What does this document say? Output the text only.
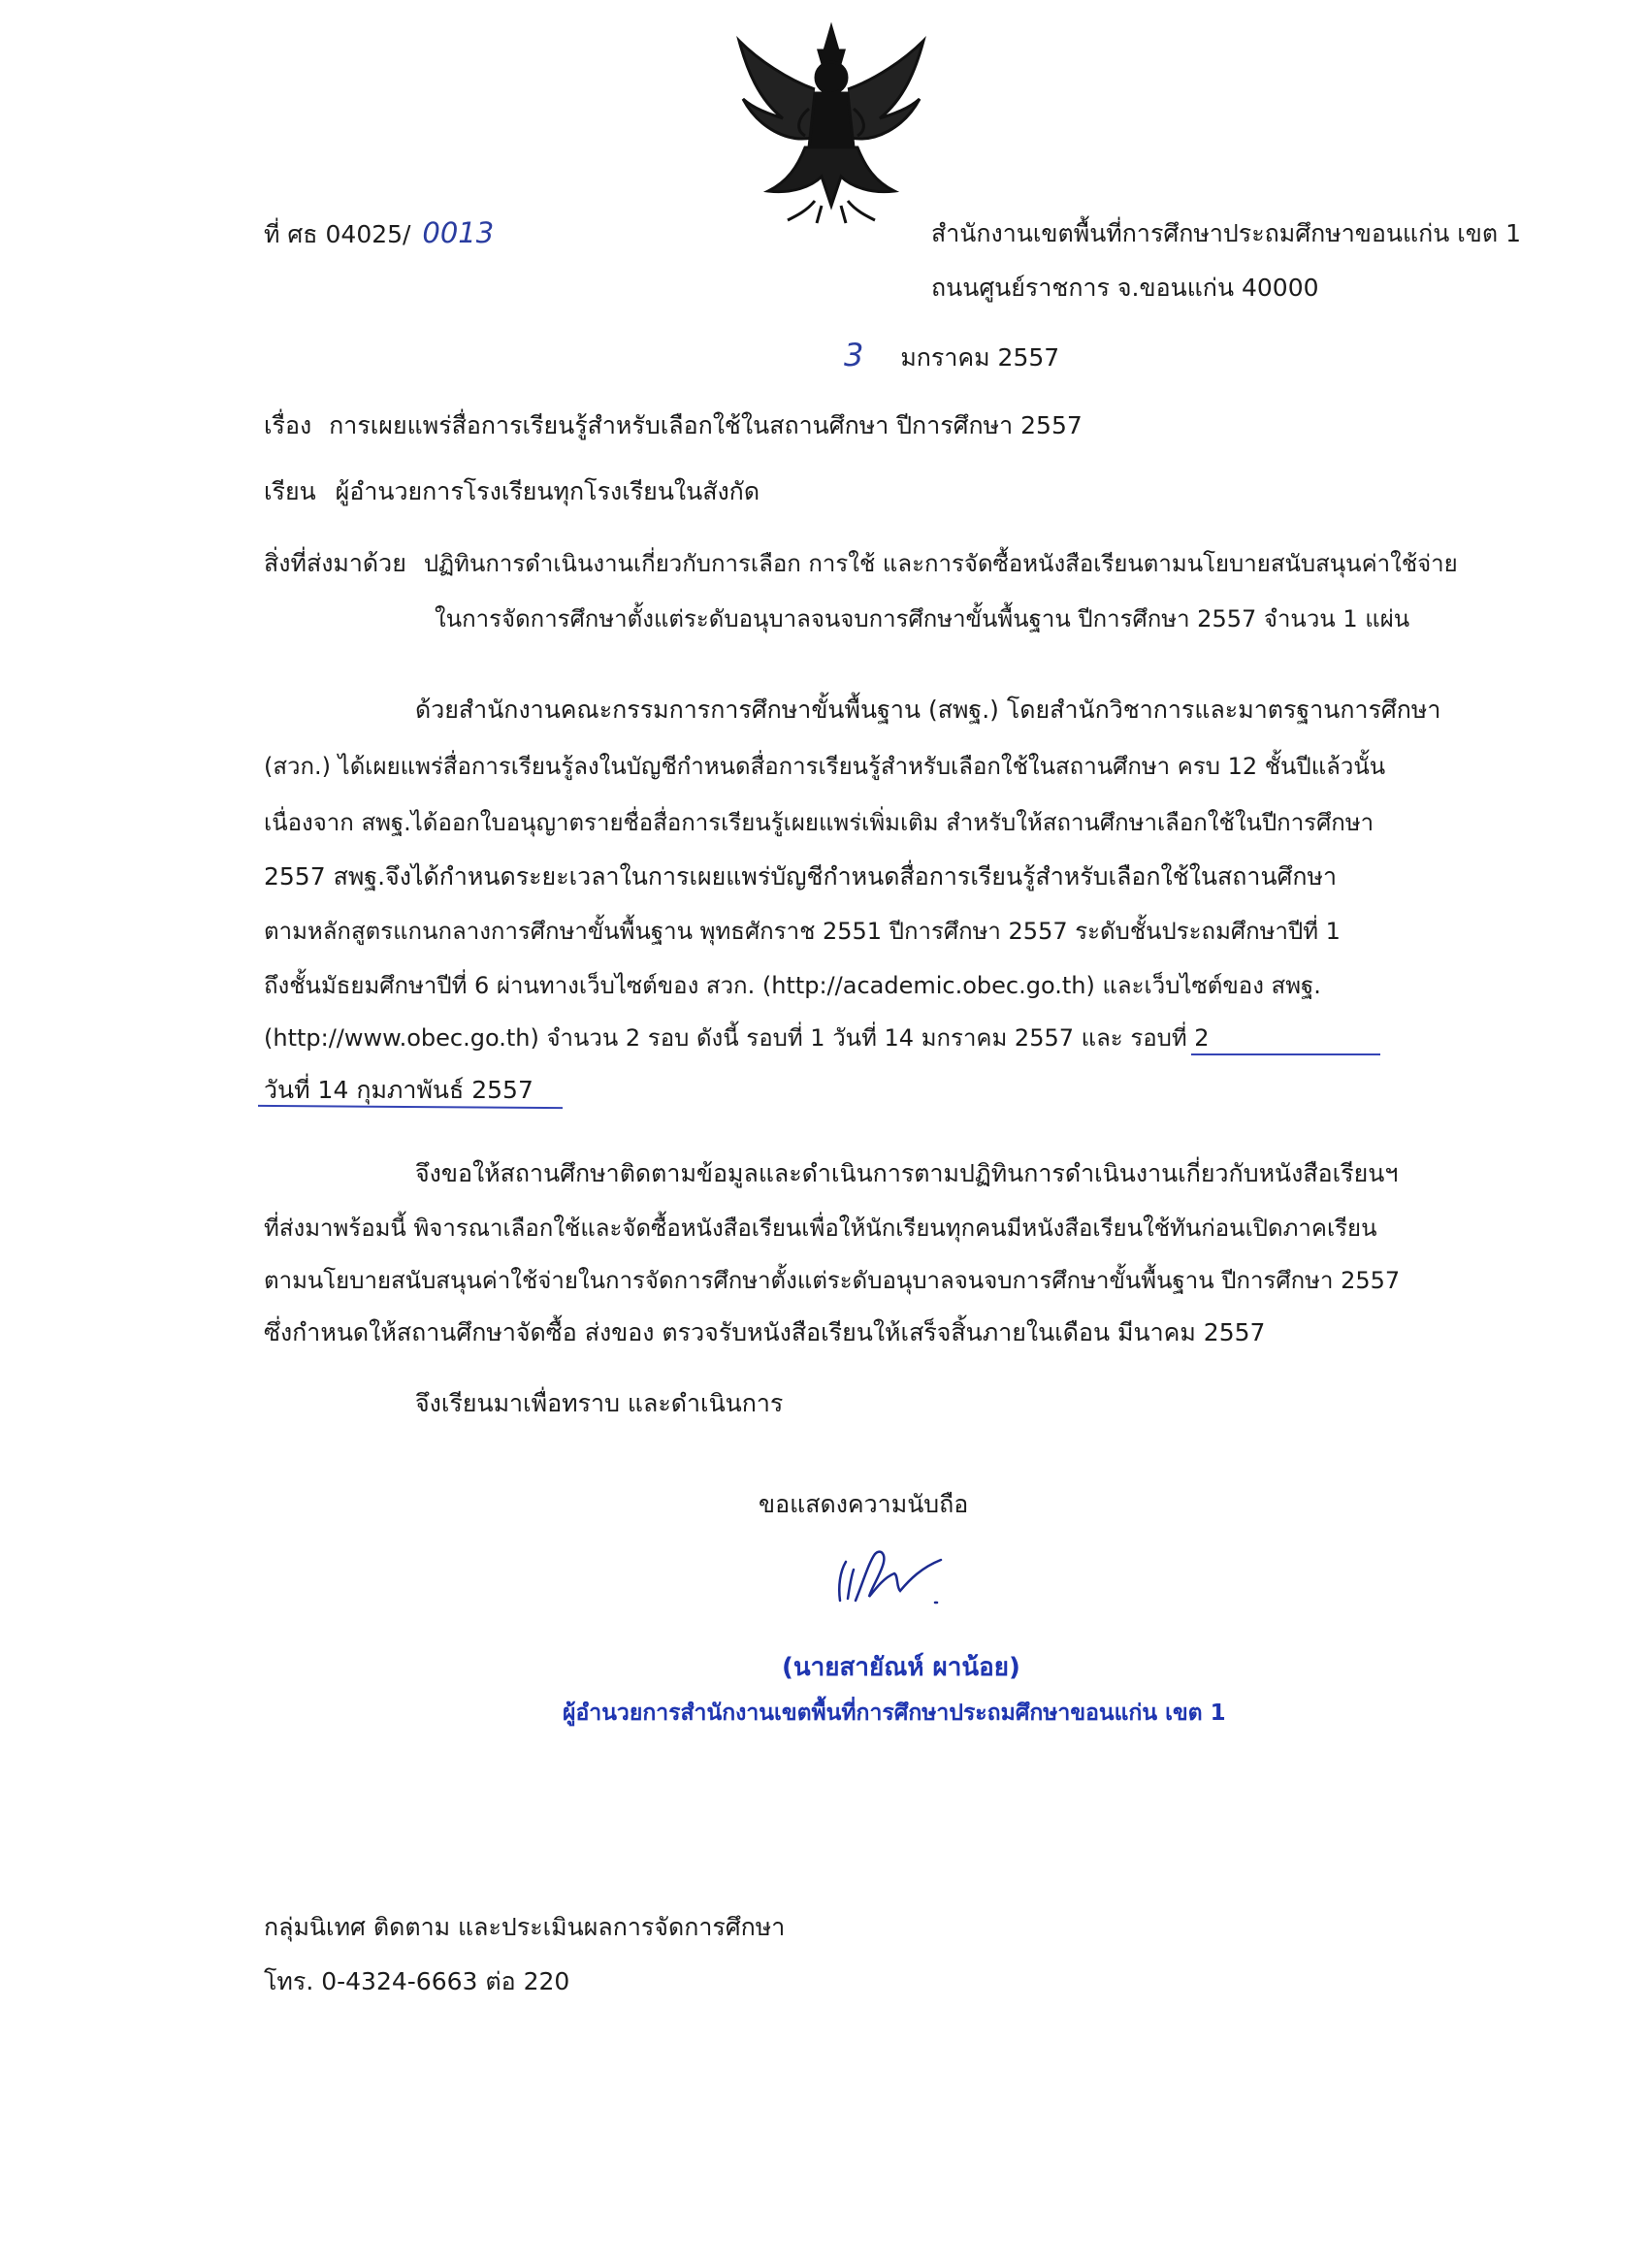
ที่ ศธ 04025/ 0013	สำนักงานเขตพื้นที่การศึกษาประถมศึกษาขอนแก่น เขต 1
ถนนศูนย์ราชการ จ.ขอนแก่น 40000
3 มกราคม 2557
เรื่อง การเผยแพร่สื่อการเรียนรู้สำหรับเลือกใช้ในสถานศึกษา ปีการศึกษา 2557
เรียน ผู้อำนวยการโรงเรียนทุกโรงเรียนในสังกัด
สิ่งที่ส่งมาด้วย ปฏิทินการดำเนินงานเกี่ยวกับการเลือก การใช้ และการจัดซื้อหนังสือเรียนตามนโยบายสนับสนุนค่าใช้จ่าย
ในการจัดการศึกษาตั้งแต่ระดับอนุบาลจนจบการศึกษาขั้นพื้นฐาน ปีการศึกษา 2557 จำนวน 1 แผ่น
ด้วยสำนักงานคณะกรรมการการศึกษาขั้นพื้นฐาน (สพฐ.) โดยสำนักวิชาการและมาตรฐานการศึกษา
(สวก.) ได้เผยแพร่สื่อการเรียนรู้ลงในบัญชีกำหนดสื่อการเรียนรู้สำหรับเลือกใช้ในสถานศึกษา ครบ 12 ชั้นปีแล้วนั้น
เนื่องจาก สพฐ.ได้ออกใบอนุญาตรายชื่อสื่อการเรียนรู้เผยแพร่เพิ่มเติม สำหรับให้สถานศึกษาเลือกใช้ในปีการศึกษา
2557 สพฐ.จึงได้กำหนดระยะเวลาในการเผยแพร่บัญชีกำหนดสื่อการเรียนรู้สำหรับเลือกใช้ในสถานศึกษา
ตามหลักสูตรแกนกลางการศึกษาขั้นพื้นฐาน พุทธศักราช 2551 ปีการศึกษา 2557 ระดับชั้นประถมศึกษาปีที่ 1
ถึงชั้นมัธยมศึกษาปีที่ 6 ผ่านทางเว็บไซต์ของ สวก. (http://academic.obec.go.th) และเว็บไซต์ของ สพฐ.
(http://www.obec.go.th) จำนวน 2 รอบ ดังนี้ รอบที่ 1 วันที่ 14 มกราคม 2557 และ รอบที่ 2
วันที่ 14 กุมภาพันธ์ 2557
จึงขอให้สถานศึกษาติดตามข้อมูลและดำเนินการตามปฏิทินการดำเนินงานเกี่ยวกับหนังสือเรียนฯ
ที่ส่งมาพร้อมนี้ พิจารณาเลือกใช้และจัดซื้อหนังสือเรียนเพื่อให้นักเรียนทุกคนมีหนังสือเรียนใช้ทันก่อนเปิดภาคเรียน
ตามนโยบายสนับสนุนค่าใช้จ่ายในการจัดการศึกษาตั้งแต่ระดับอนุบาลจนจบการศึกษาขั้นพื้นฐาน ปีการศึกษา 2557
ซึ่งกำหนดให้สถานศึกษาจัดซื้อ ส่งของ ตรวจรับหนังสือเรียนให้เสร็จสิ้นภายในเดือน มีนาคม 2557
จึงเรียนมาเพื่อทราบ และดำเนินการ
ขอแสดงความนับถือ
(นายสายัณห์ ผาน้อย)
ผู้อำนวยการสำนักงานเขตพื้นที่การศึกษาประถมศึกษาขอนแก่น เขต 1
กลุ่มนิเทศ ติดตาม และประเมินผลการจัดการศึกษา
โทร. 0-4324-6663 ต่อ 220
